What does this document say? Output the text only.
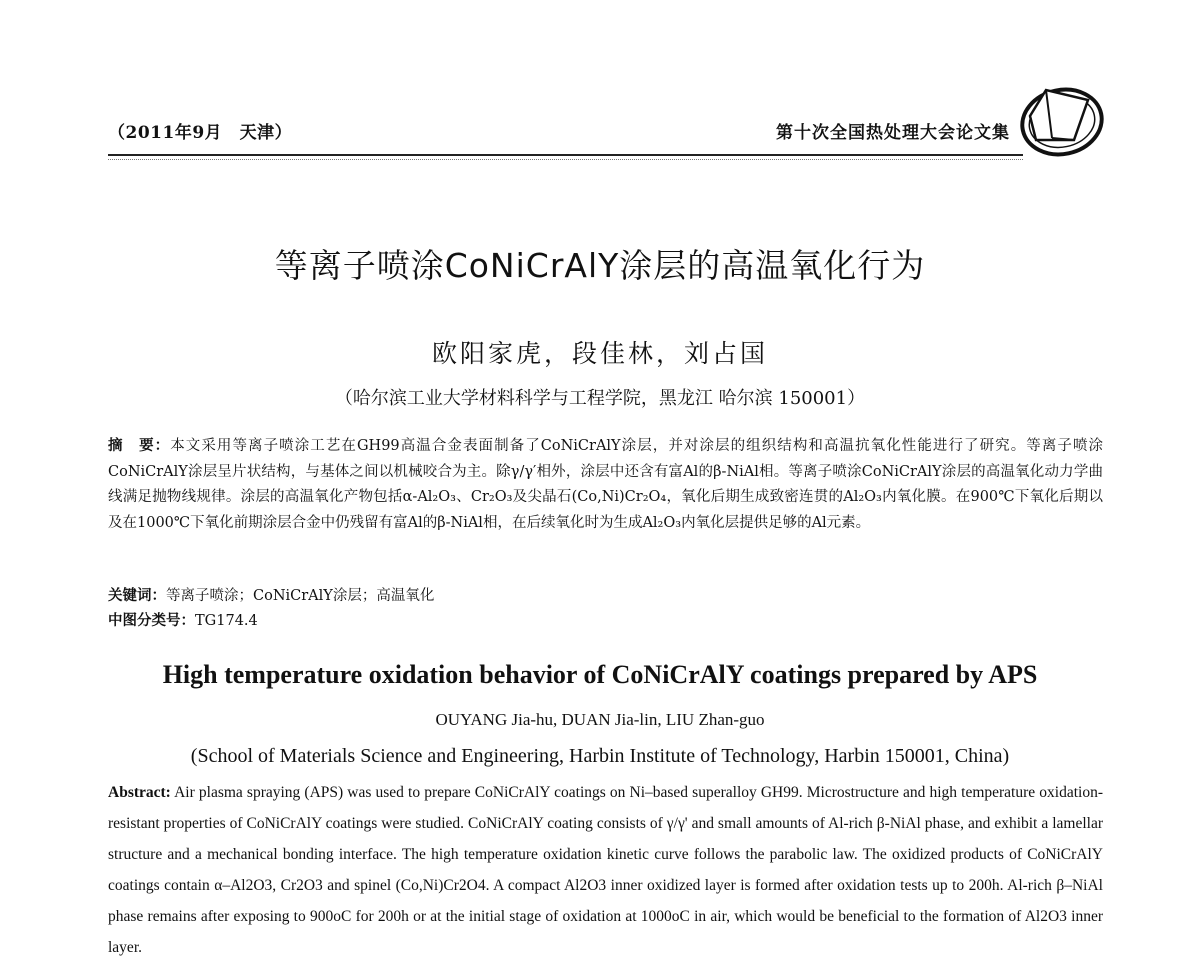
（2011年9月　天津）	第十次全国热处理大会论文集
等离子喷涂CoNiCrAlY涂层的高温氧化行为
欧阳家虎，段佳林，刘占国
（哈尔滨工业大学材料科学与工程学院，黑龙江 哈尔滨 150001）
摘　要：本文采用等离子喷涂工艺在GH99高温合金表面制备了CoNiCrAlY涂层，并对涂层的组织结构和高温抗氧化性能进行了研究。等离子喷涂CoNiCrAlY涂层呈片状结构，与基体之间以机械咬合为主。除γ/γ′相外，涂层中还含有富Al的β-NiAl相。等离子喷涂CoNiCrAlY涂层的高温氧化动力学曲线满足抛物线规律。涂层的高温氧化产物包括α-Al₂O₃、Cr₂O₃及尖晶石(Co,Ni)Cr₂O₄，氧化后期生成致密连贯的Al₂O₃内氧化膜。在900℃下氧化后期以及在1000℃下氧化前期涂层合金中仍残留有富Al的β-NiAl相，在后续氧化时为生成Al₂O₃内氧化层提供足够的Al元素。
关键词：等离子喷涂；CoNiCrAlY涂层；高温氧化
中图分类号：TG174.4
High temperature oxidation behavior of CoNiCrAlY coatings prepared by APS
OUYANG Jia-hu, DUAN Jia-lin, LIU Zhan-guo
(School of Materials Science and Engineering, Harbin Institute of Technology, Harbin 150001, China)
Abstract: Air plasma spraying (APS) was used to prepare CoNiCrAlY coatings on Ni–based superalloy GH99. Microstructure and high temperature oxidation-resistant properties of CoNiCrAlY coatings were studied. CoNiCrAlY coating consists of γ/γ' and small amounts of Al-rich β-NiAl phase, and exhibit a lamellar structure and a mechanical bonding interface. The high temperature oxidation kinetic curve follows the parabolic law. The oxidized products of CoNiCrAlY coatings contain α–Al2O3, Cr2O3 and spinel (Co,Ni)Cr2O4. A compact Al2O3 inner oxidized layer is formed after oxidation tests up to 200h. Al-rich β–NiAl phase remains after exposing to 900oC for 200h or at the initial stage of oxidation at 1000oC in air, which would be beneficial to the formation of Al2O3 inner layer.
